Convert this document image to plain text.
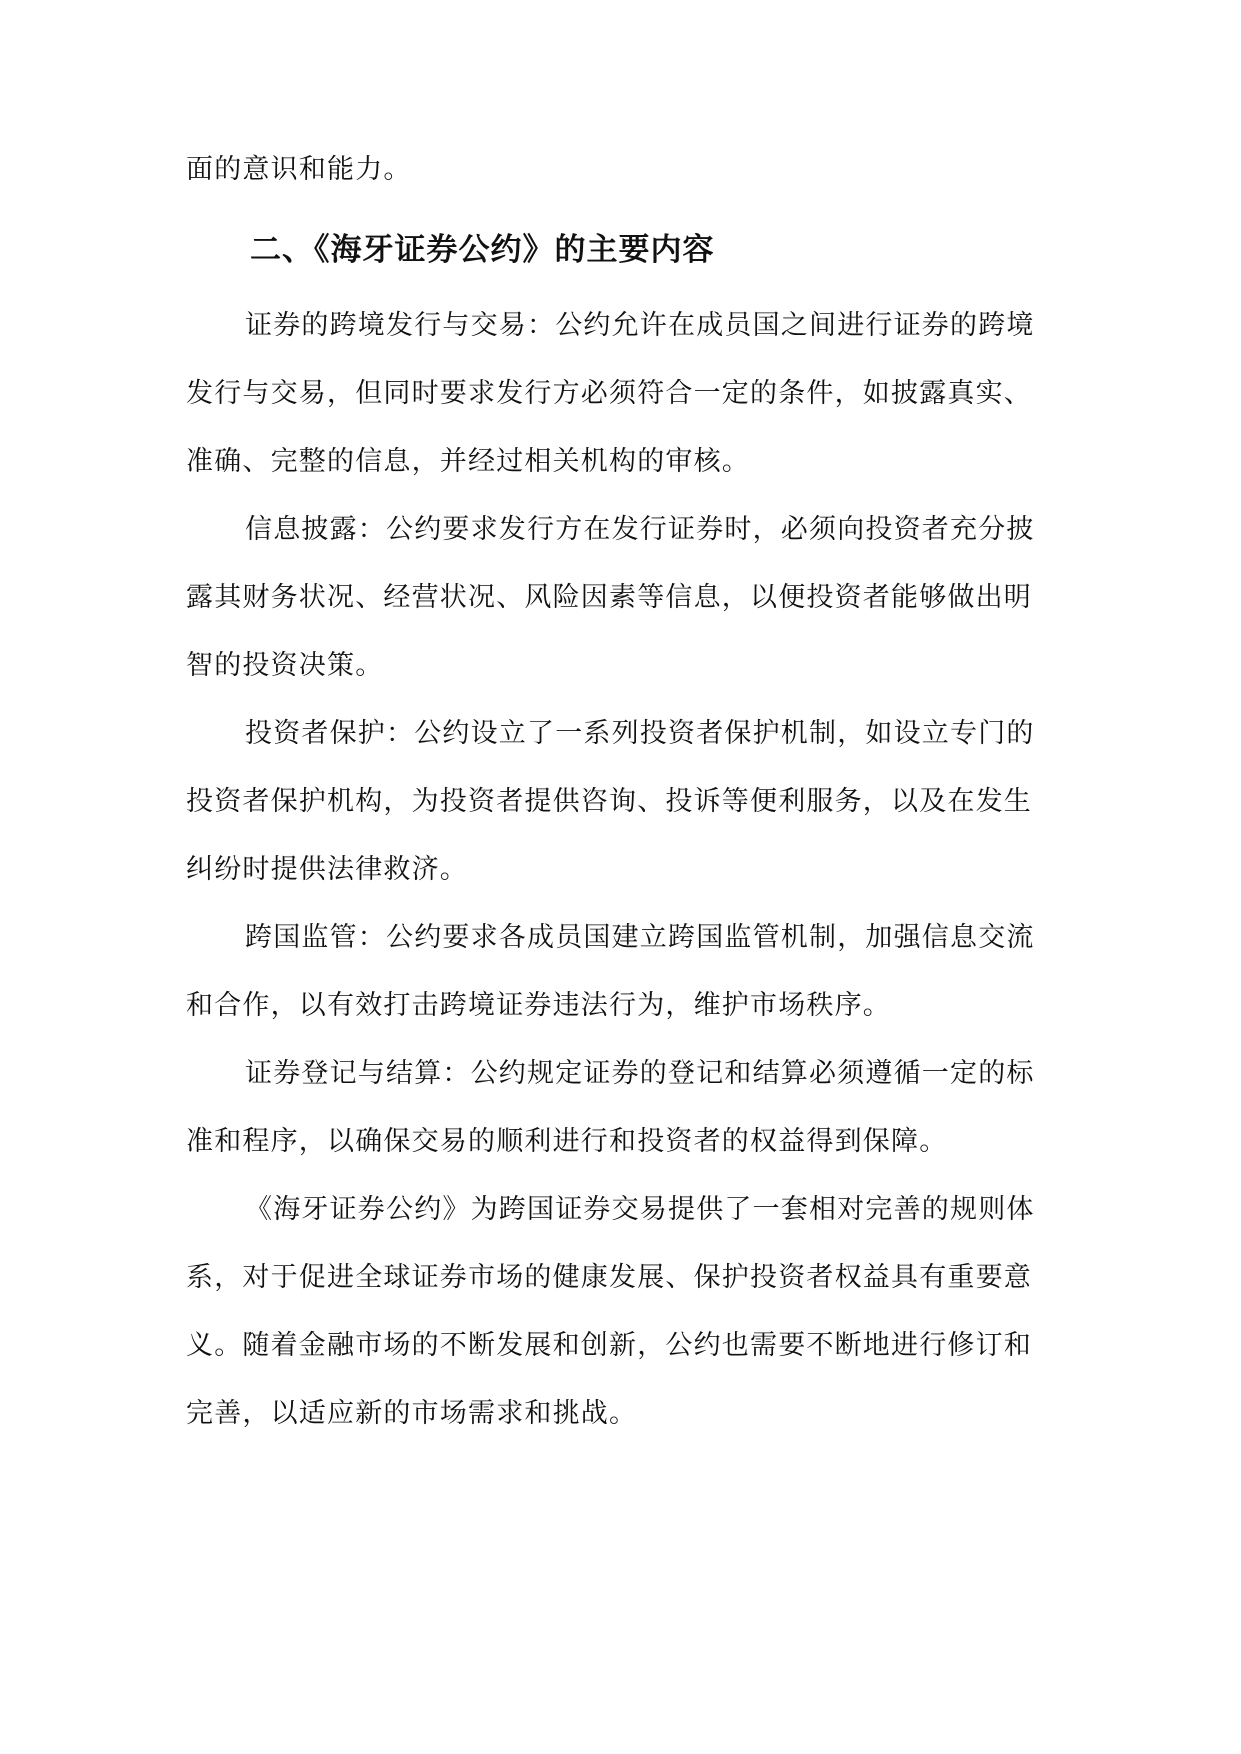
面的意识和能力。
二、《海牙证券公约》的主要内容
证券的跨境发行与交易：公约允许在成员国之间进行证券的跨境
发行与交易，但同时要求发行方必须符合一定的条件，如披露真实、
准确、完整的信息，并经过相关机构的审核。
信息披露：公约要求发行方在发行证券时，必须向投资者充分披
露其财务状况、经营状况、风险因素等信息，以便投资者能够做出明
智的投资决策。
投资者保护：公约设立了一系列投资者保护机制，如设立专门的
投资者保护机构，为投资者提供咨询、投诉等便利服务，以及在发生
纠纷时提供法律救济。
跨国监管：公约要求各成员国建立跨国监管机制，加强信息交流
和合作，以有效打击跨境证券违法行为，维护市场秩序。
证券登记与结算：公约规定证券的登记和结算必须遵循一定的标
准和程序，以确保交易的顺利进行和投资者的权益得到保障。
《海牙证券公约》为跨国证券交易提供了一套相对完善的规则体
系，对于促进全球证券市场的健康发展、保护投资者权益具有重要意
义。随着金融市场的不断发展和创新，公约也需要不断地进行修订和
完善，以适应新的市场需求和挑战。
